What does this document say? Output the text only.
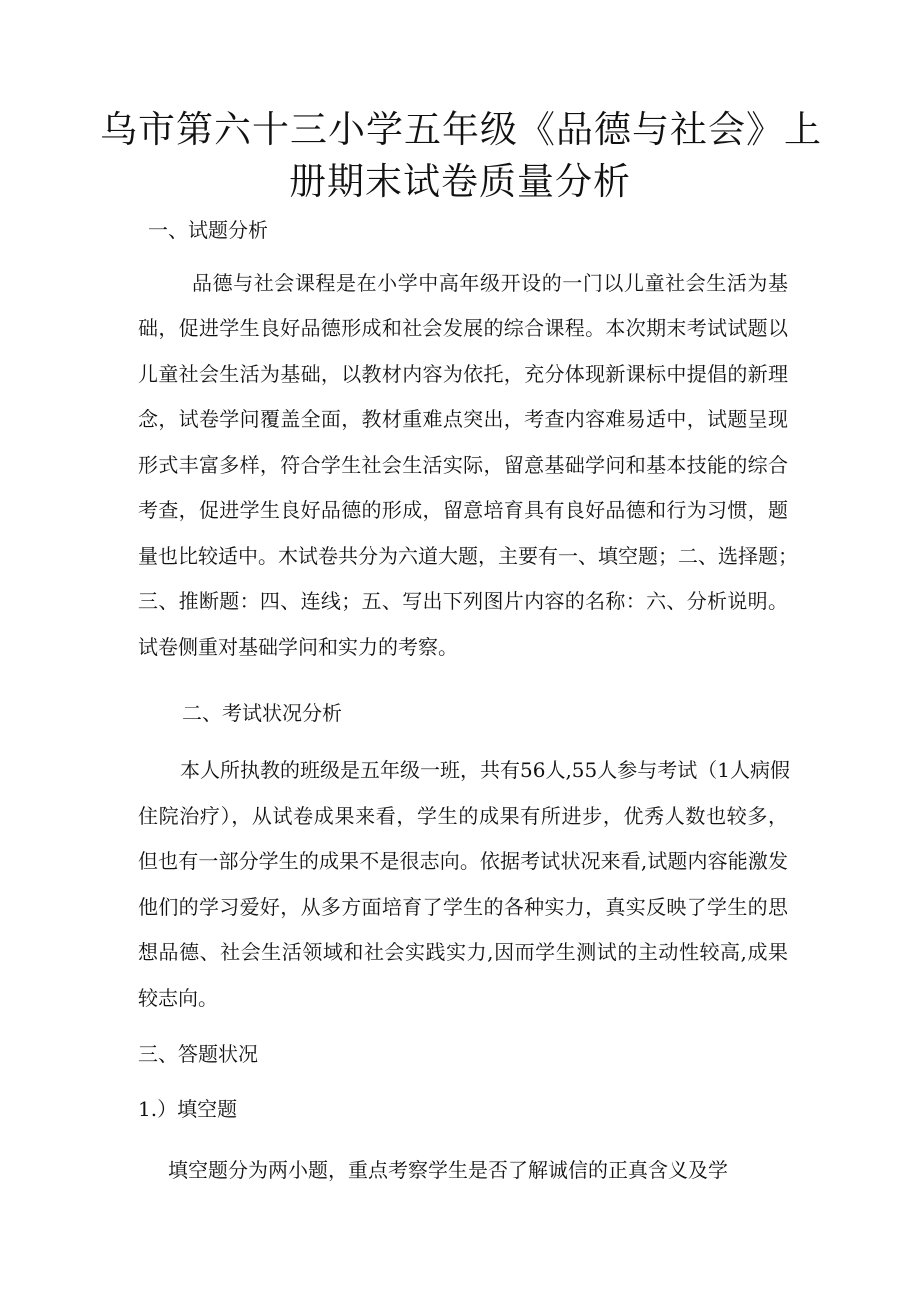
乌市第六十三小学五年级《品德与社会》上
册期末试卷质量分析
一、试题分析
品德与社会课程是在小学中高年级开设的一门以儿童社会生活为基
础，促进学生良好品德形成和社会发展的综合课程。本次期末考试试题以
儿童社会生活为基础，以教材内容为依托，充分体现新课标中提倡的新理
念，试卷学问覆盖全面，教材重难点突出，考查内容难易适中，试题呈现
形式丰富多样，符合学生社会生活实际，留意基础学问和基本技能的综合
考查，促进学生良好品德的形成，留意培育具有良好品德和行为习惯，题
量也比较适中。木试卷共分为六道大题，主要有一、填空题；二、选择题；
三、推断题：四、连线；五、写出下列图片内容的名称：六、分析说明。
试卷侧重对基础学问和实力的考察。
二、考试状况分析
本人所执教的班级是五年级一班，共有56人,55人参与考试（1人病假
住院治疗），从试卷成果来看，学生的成果有所进步，优秀人数也较多，
但也有一部分学生的成果不是很志向。依据考试状况来看,试题内容能激发
他们的学习爱好，从多方面培育了学生的各种实力，真实反映了学生的思
想品德、社会生活领域和社会实践实力,因而学生测试的主动性较高,成果
较志向。
三、答题状况
1.）填空题
填空题分为两小题，重点考察学生是否了解诚信的正真含义及学
